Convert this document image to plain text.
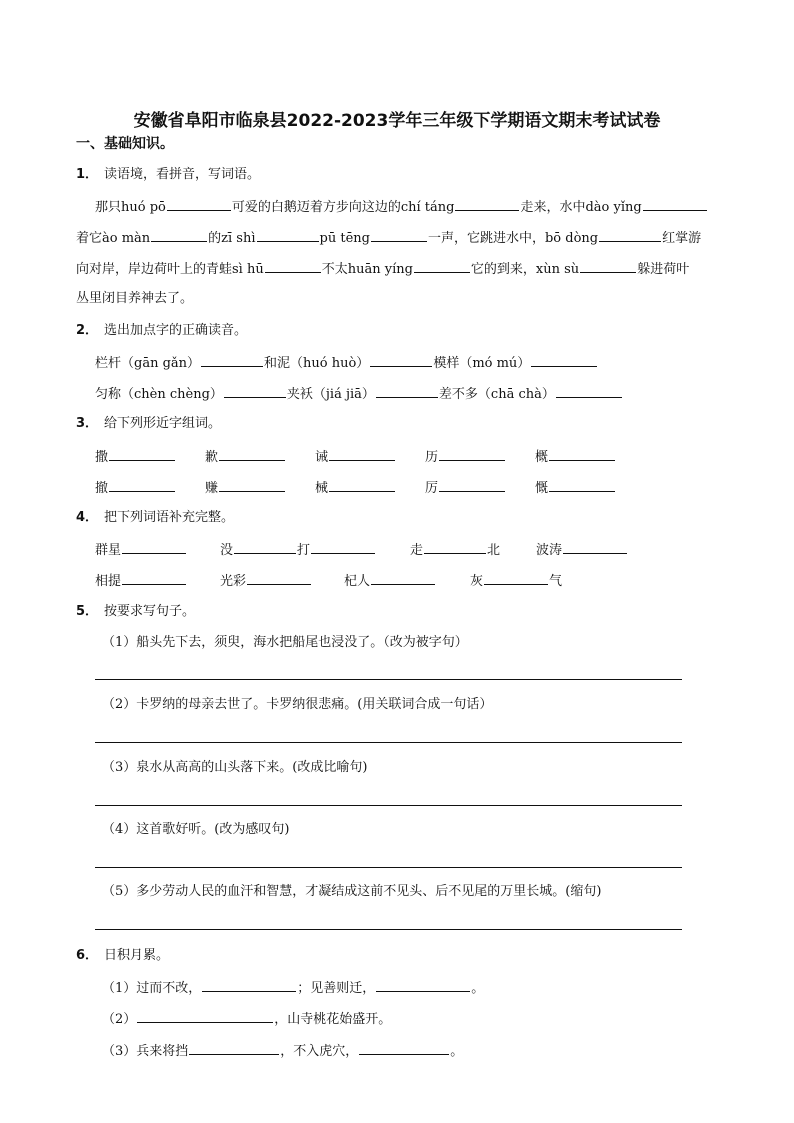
安徽省阜阳市临泉县2022-2023学年三年级下学期语文期末考试试卷
一、基础知识。
1． 读语境，看拼音，写词语。
那只huó pō	可爱的白鹅迈着方步向这边的chí táng	走来，水中dào yǐng
着它ào màn	的zī shì	pū tēng	一声，它跳进水中，bō dòng	红掌游
向对岸，岸边荷叶上的青蛙sì hū	不太huān yíng	它的到来，xùn sù	躲进荷叶
丛里闭目养神去了。
2． 选出加点字的正确读音。
栏杆（gān gǎn）	和泥（huó huò）	模样（mó mú）
匀称（chèn chèng）	夹袄（jiá jiā）	差不多（chā chà）
3． 给下列形近字组词。
撒	歉	诫	历	概
撤	赚	械	厉	慨
4． 把下列词语补充完整。
群星	没	打	走	北	波涛
相提	光彩	杞人	灰	气
5． 按要求写句子。
（1）船头先下去，须臾，海水把船尾也浸没了。（改为被字句）
（2）卡罗纳的母亲去世了。卡罗纳很悲痛。(用关联词合成一句话）
（3）泉水从高高的山头落下来。(改成比喻句)
（4）这首歌好听。(改为感叹句)
（5）多少劳动人民的血汗和智慧，才凝结成这前不见头、后不见尾的万里长城。(缩句)
6． 日积月累。
（1）过而不改，	；见善则迁，	。
（2）	，山寺桃花始盛开。
（3）兵来将挡	，不入虎穴，	。
